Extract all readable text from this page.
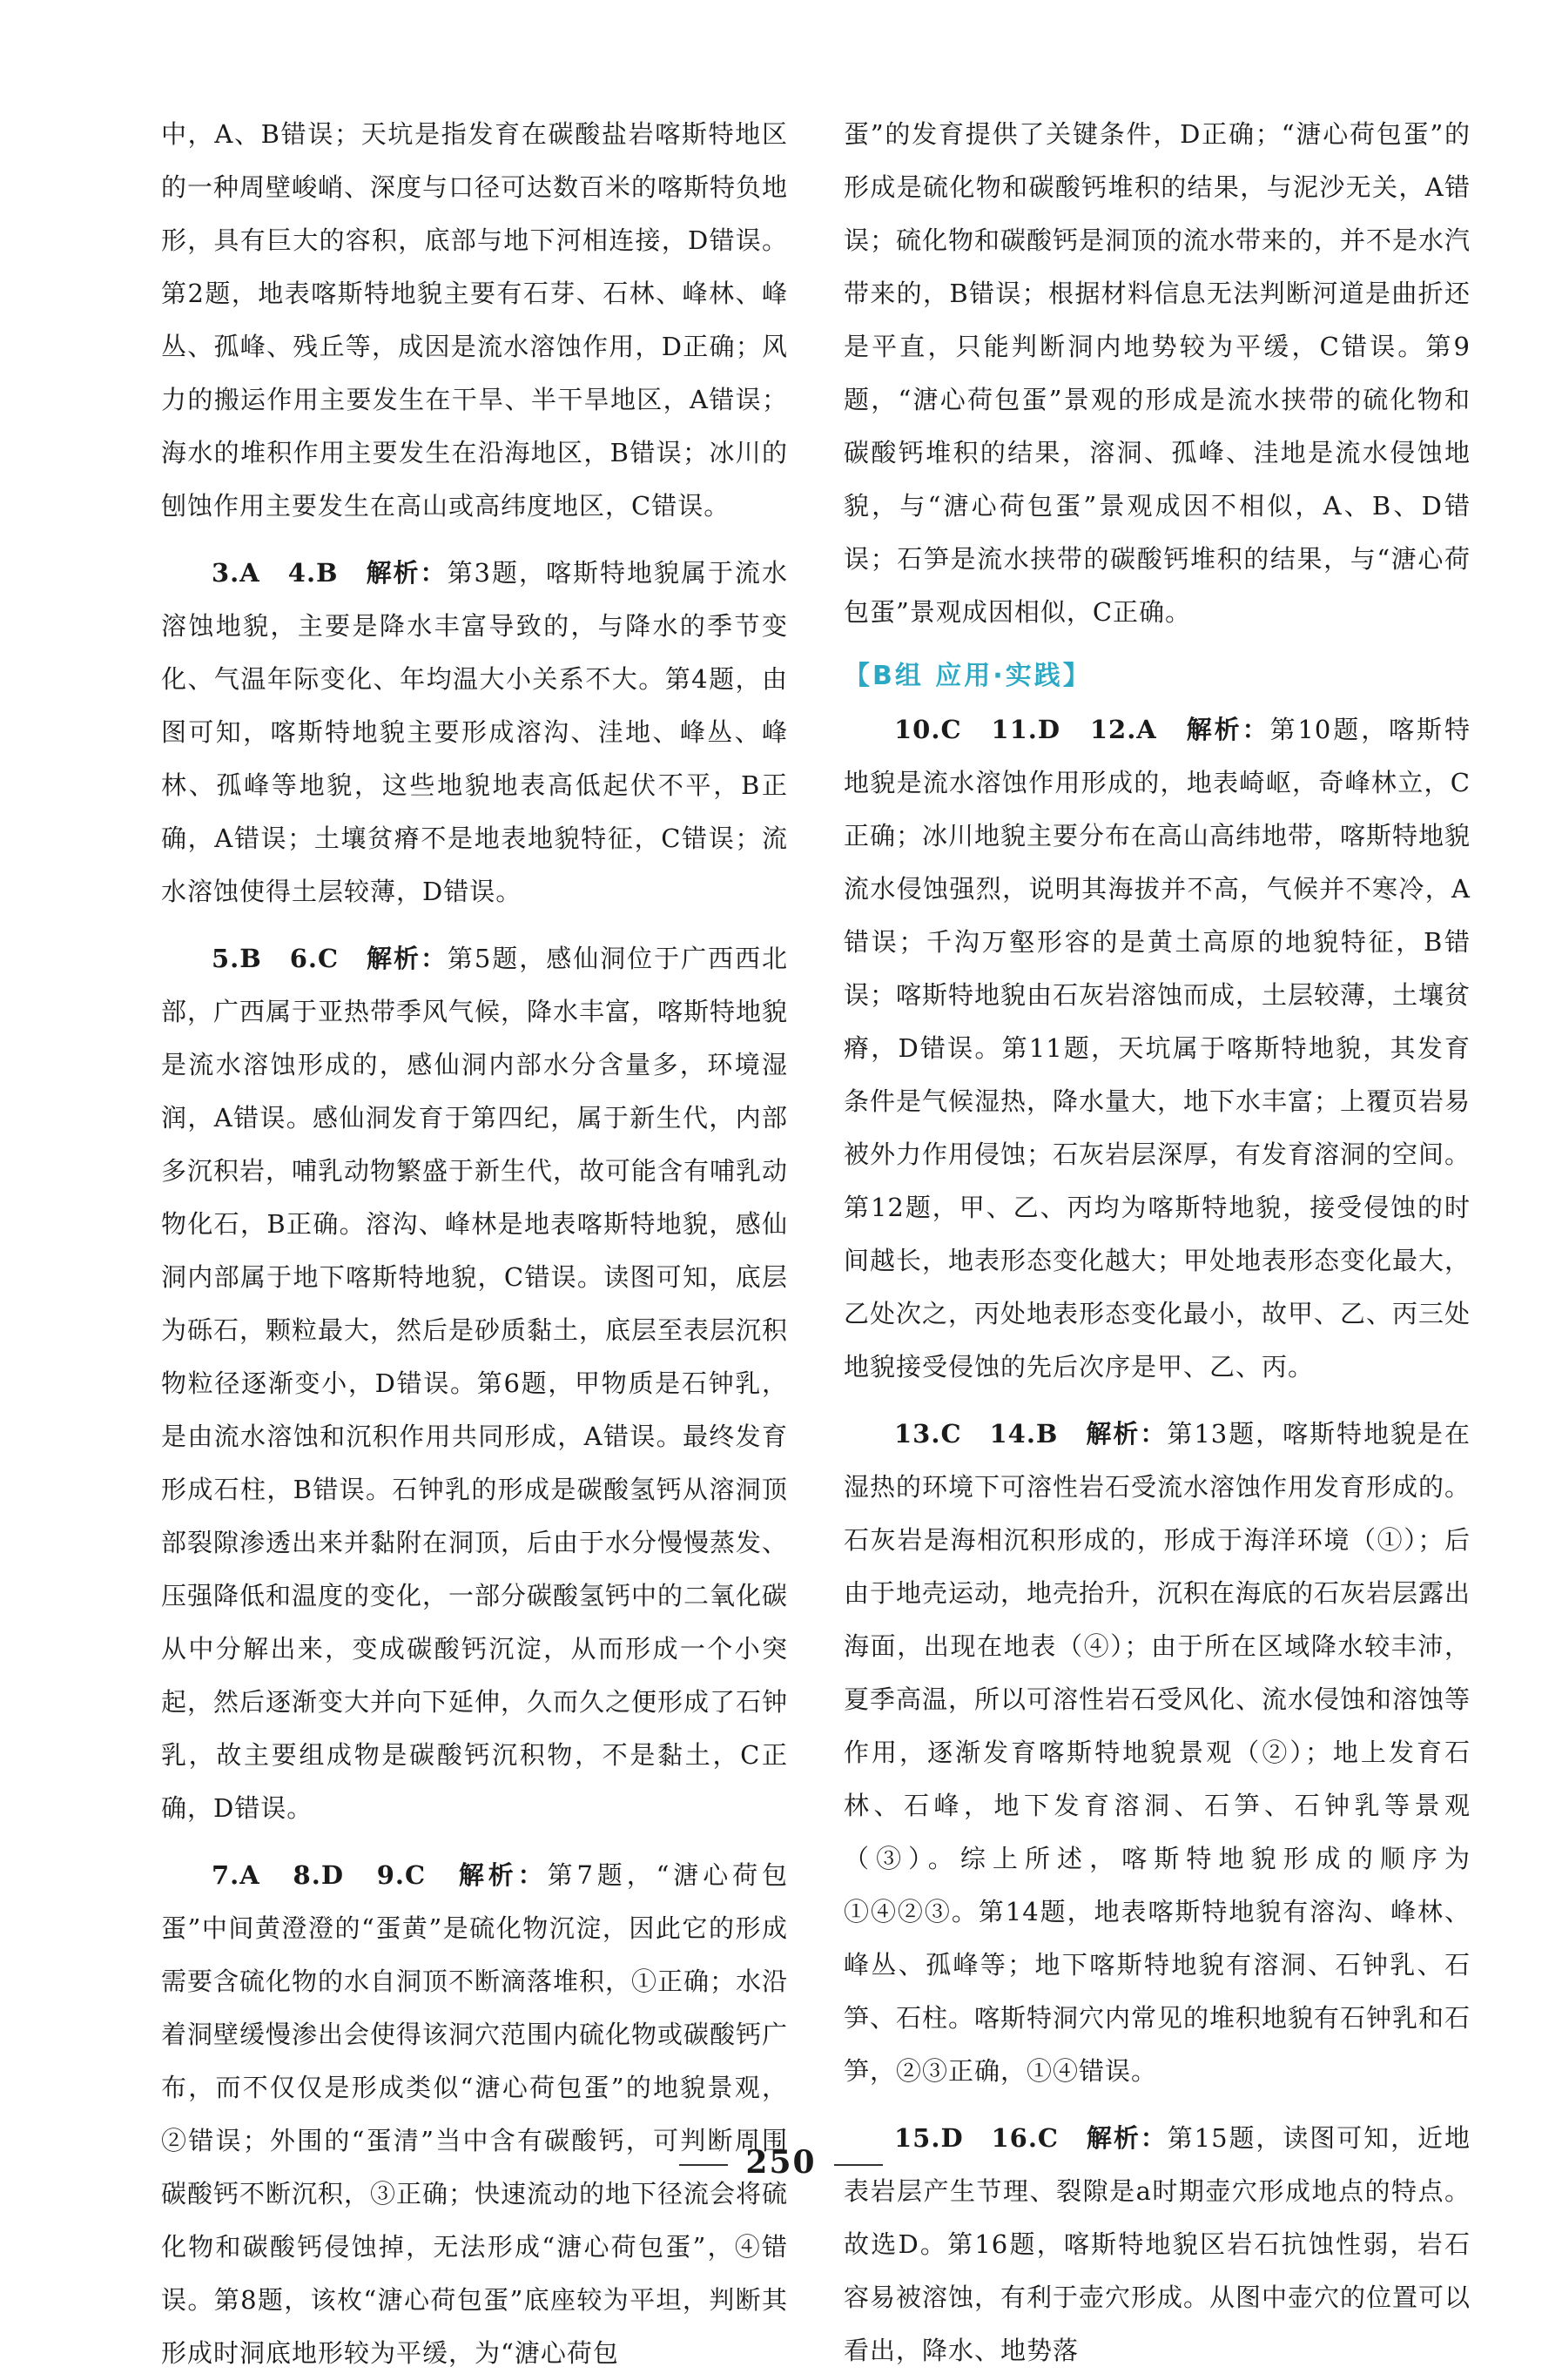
中，A、B错误；天坑是指发育在碳酸盐岩喀斯特地区的一种周壁峻峭、深度与口径可达数百米的喀斯特负地形，具有巨大的容积，底部与地下河相连接，D错误。第2题，地表喀斯特地貌主要有石芽、石林、峰林、峰丛、孤峰、残丘等，成因是流水溶蚀作用，D正确；风力的搬运作用主要发生在干旱、半干旱地区，A错误；海水的堆积作用主要发生在沿海地区，B错误；冰川的刨蚀作用主要发生在高山或高纬度地区，C错误。

3.A　4.B　 解析：第3题，喀斯特地貌属于流水溶蚀地貌，主要是降水丰富导致的，与降水的季节变化、气温年际变化、年均温大小关系不大。第4题，由图可知，喀斯特地貌主要形成溶沟、洼地、峰丛、峰林、孤峰等地貌，这些地貌地表高低起伏不平，B正确，A错误；土壤贫瘠不是地表地貌特征，C错误；流水溶蚀使得土层较薄，D错误。

5.B　6.C　 解析：第5题，感仙洞位于广西西北部，广西属于亚热带季风气候，降水丰富，喀斯特地貌是流水溶蚀形成的，感仙洞内部水分含量多，环境湿润，A错误。感仙洞发育于第四纪，属于新生代，内部多沉积岩，哺乳动物繁盛于新生代，故可能含有哺乳动物化石，B正确。溶沟、峰林是地表喀斯特地貌，感仙洞内部属于地下喀斯特地貌，C错误。读图可知，底层为砾石，颗粒最大，然后是砂质黏土，底层至表层沉积物粒径逐渐变小，D错误。第6题，甲物质是石钟乳，是由流水溶蚀和沉积作用共同形成，A错误。最终发育形成石柱，B错误。石钟乳的形成是碳酸氢钙从溶洞顶部裂隙渗透出来并黏附在洞顶，后由于水分慢慢蒸发、压强降低和温度的变化，一部分碳酸氢钙中的二氧化碳从中分解出来，变成碳酸钙沉淀，从而形成一个小突起，然后逐渐变大并向下延伸，久而久之便形成了石钟乳，故主要组成物是碳酸钙沉积物，不是黏土，C正确，D错误。

7.A　8.D　9.C　 解析：第7题，“溏心荷包蛋”中间黄澄澄的“蛋黄”是硫化物沉淀，因此它的形成需要含硫化物的水自洞顶不断滴落堆积，①正确；水沿着洞壁缓慢渗出会使得该洞穴范围内硫化物或碳酸钙广布，而不仅仅是形成类似“溏心荷包蛋”的地貌景观，②错误；外围的“蛋清”当中含有碳酸钙，可判断周围碳酸钙不断沉积，③正确；快速流动的地下径流会将硫化物和碳酸钙侵蚀掉，无法形成“溏心荷包蛋”，④错误。第8题，该枚“溏心荷包蛋”底座较为平坦，判断其形成时洞底地形较为平缓，为“溏心荷包

蛋”的发育提供了关键条件，D正确；“溏心荷包蛋”的形成是硫化物和碳酸钙堆积的结果，与泥沙无关，A错误；硫化物和碳酸钙是洞顶的流水带来的，并不是水汽带来的，B错误；根据材料信息无法判断河道是曲折还是平直，只能判断洞内地势较为平缓，C错误。第9题，“溏心荷包蛋”景观的形成是流水挟带的硫化物和碳酸钙堆积的结果，溶洞、孤峰、洼地是流水侵蚀地貌，与“溏心荷包蛋”景观成因不相似，A、B、D错误；石笋是流水挟带的碳酸钙堆积的结果，与“溏心荷包蛋”景观成因相似，C正确。

【B组 应用·实践】

10.C　11.D　12.A　 解析：第10题，喀斯特地貌是流水溶蚀作用形成的，地表崎岖，奇峰林立，C正确；冰川地貌主要分布在高山高纬地带，喀斯特地貌流水侵蚀强烈，说明其海拔并不高，气候并不寒冷，A错误；千沟万壑形容的是黄土高原的地貌特征，B错误；喀斯特地貌由石灰岩溶蚀而成，土层较薄，土壤贫瘠，D错误。第11题，天坑属于喀斯特地貌，其发育条件是气候湿热，降水量大，地下水丰富；上覆页岩易被外力作用侵蚀；石灰岩层深厚，有发育溶洞的空间。第12题，甲、乙、丙均为喀斯特地貌，接受侵蚀的时间越长，地表形态变化越大；甲处地表形态变化最大，乙处次之，丙处地表形态变化最小，故甲、乙、丙三处地貌接受侵蚀的先后次序是甲、乙、丙。

13.C　14.B　 解析：第13题，喀斯特地貌是在湿热的环境下可溶性岩石受流水溶蚀作用发育形成的。石灰岩是海相沉积形成的，形成于海洋环境（①）；后由于地壳运动，地壳抬升，沉积在海底的石灰岩层露出海面，出现在地表（④）；由于所在区域降水较丰沛，夏季高温，所以可溶性岩石受风化、流水侵蚀和溶蚀等作用，逐渐发育喀斯特地貌景观（②）；地上发育石林、石峰，地下发育溶洞、石笋、石钟乳等景观（③）。综上所述，喀斯特地貌形成的顺序为①④②③。第14题，地表喀斯特地貌有溶沟、峰林、峰丛、孤峰等；地下喀斯特地貌有溶洞、石钟乳、石笋、石柱。喀斯特洞穴内常见的堆积地貌有石钟乳和石笋，②③正确，①④错误。

15.D　16.C　 解析：第15题，读图可知，近地表岩层产生节理、裂隙是a时期壶穴形成地点的特点。故选D。第16题，喀斯特地貌区岩石抗蚀性弱，岩石容易被溶蚀，有利于壶穴形成。从图中壶穴的位置可以看出，降水、地势落

250
